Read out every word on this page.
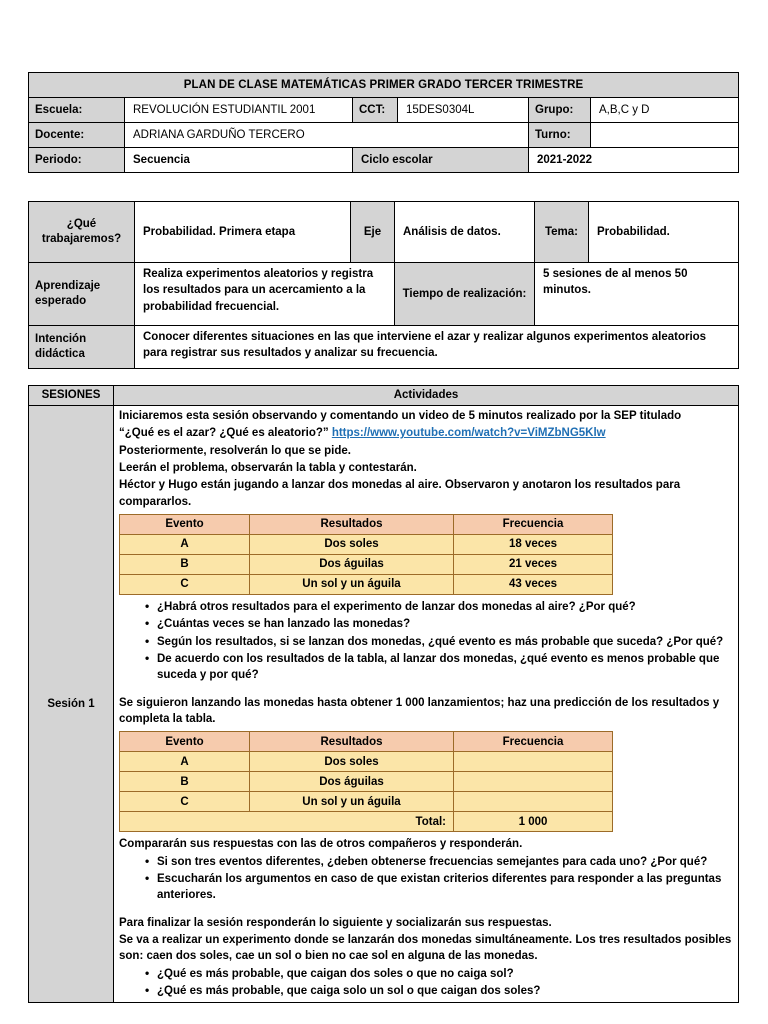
PLAN DE CLASE MATEMÁTICAS PRIMER GRADO TERCER TRIMESTRE					
Escuela:	REVOLUCIÓN ESTUDIANTIL 2001	CCT:	15DES0304L	Grupo:	A,B,C y D
Docente:	ADRIANA GARDUÑO TERCERO			Turno:	
Periodo:	Secuencia	Ciclo escolar		2021-2022	
¿Qué trabajaremos?	Probabilidad. Primera etapa	Eje	Análisis de datos.	Tema:	Probabilidad.
Aprendizaje esperado	Realiza experimentos aleatorios y registra los resultados para un acercamiento a la probabilidad frecuencial.		Tiempo de realización:	5 sesiones de al menos 50 minutos.	
Intención didáctica	Conocer diferentes situaciones en las que interviene el azar y realizar algunos experimentos aleatorios para registrar sus resultados y analizar su frecuencia.				
SESIONES	Actividades
Sesión 1	

Iniciaremos esta sesión observando y comentando un video de 5 minutos realizado por la SEP titulado

“¿Qué es el azar? ¿Qué es aleatorio?” https://www.youtube.com/watch?v=ViMZbNG5Klw

Posteriormente, resolverán lo que se pide.

Leerán el problema, observarán la tabla y contestarán.

Héctor y Hugo están jugando a lanzar dos monedas al aire. Observaron y anotaron los resultados para compararlos.

Evento	Resultados	Frecuencia
A	Dos soles	18 veces
B	Dos águilas	21 veces
C	Un sol y un águila	43 veces
• ¿Habrá otros resultados para el experimento de lanzar dos monedas al aire? ¿Por qué?
• ¿Cuántas veces se han lanzado las monedas?
• Según los resultados, si se lanzan dos monedas, ¿qué evento es más probable que suceda? ¿Por qué?
• De acuerdo con los resultados de la tabla, al lanzar dos monedas, ¿qué evento es menos probable que suceda y por qué?

Se siguieron lanzando las monedas hasta obtener 1 000 lanzamientos; haz una predicción de los resultados y completa la tabla.

Evento	Resultados	Frecuencia
A	Dos soles	
B	Dos águilas	
C	Un sol y un águila	
Total:	1 000

Compararán sus respuestas con las de otros compañeros y responderán.

• Si son tres eventos diferentes, ¿deben obtenerse frecuencias semejantes para cada uno? ¿Por qué?
• Escucharán los argumentos en caso de que existan criterios diferentes para responder a las preguntas anteriores.

Para finalizar la sesión responderán lo siguiente y socializarán sus respuestas.

Se va a realizar un experimento donde se lanzarán dos monedas simultáneamente. Los tres resultados posibles son: caen dos soles, cae un sol o bien no cae sol en alguna de las monedas.

• ¿Qué es más probable, que caigan dos soles o que no caiga sol?
• ¿Qué es más probable, que caiga solo un sol o que caigan dos soles?
